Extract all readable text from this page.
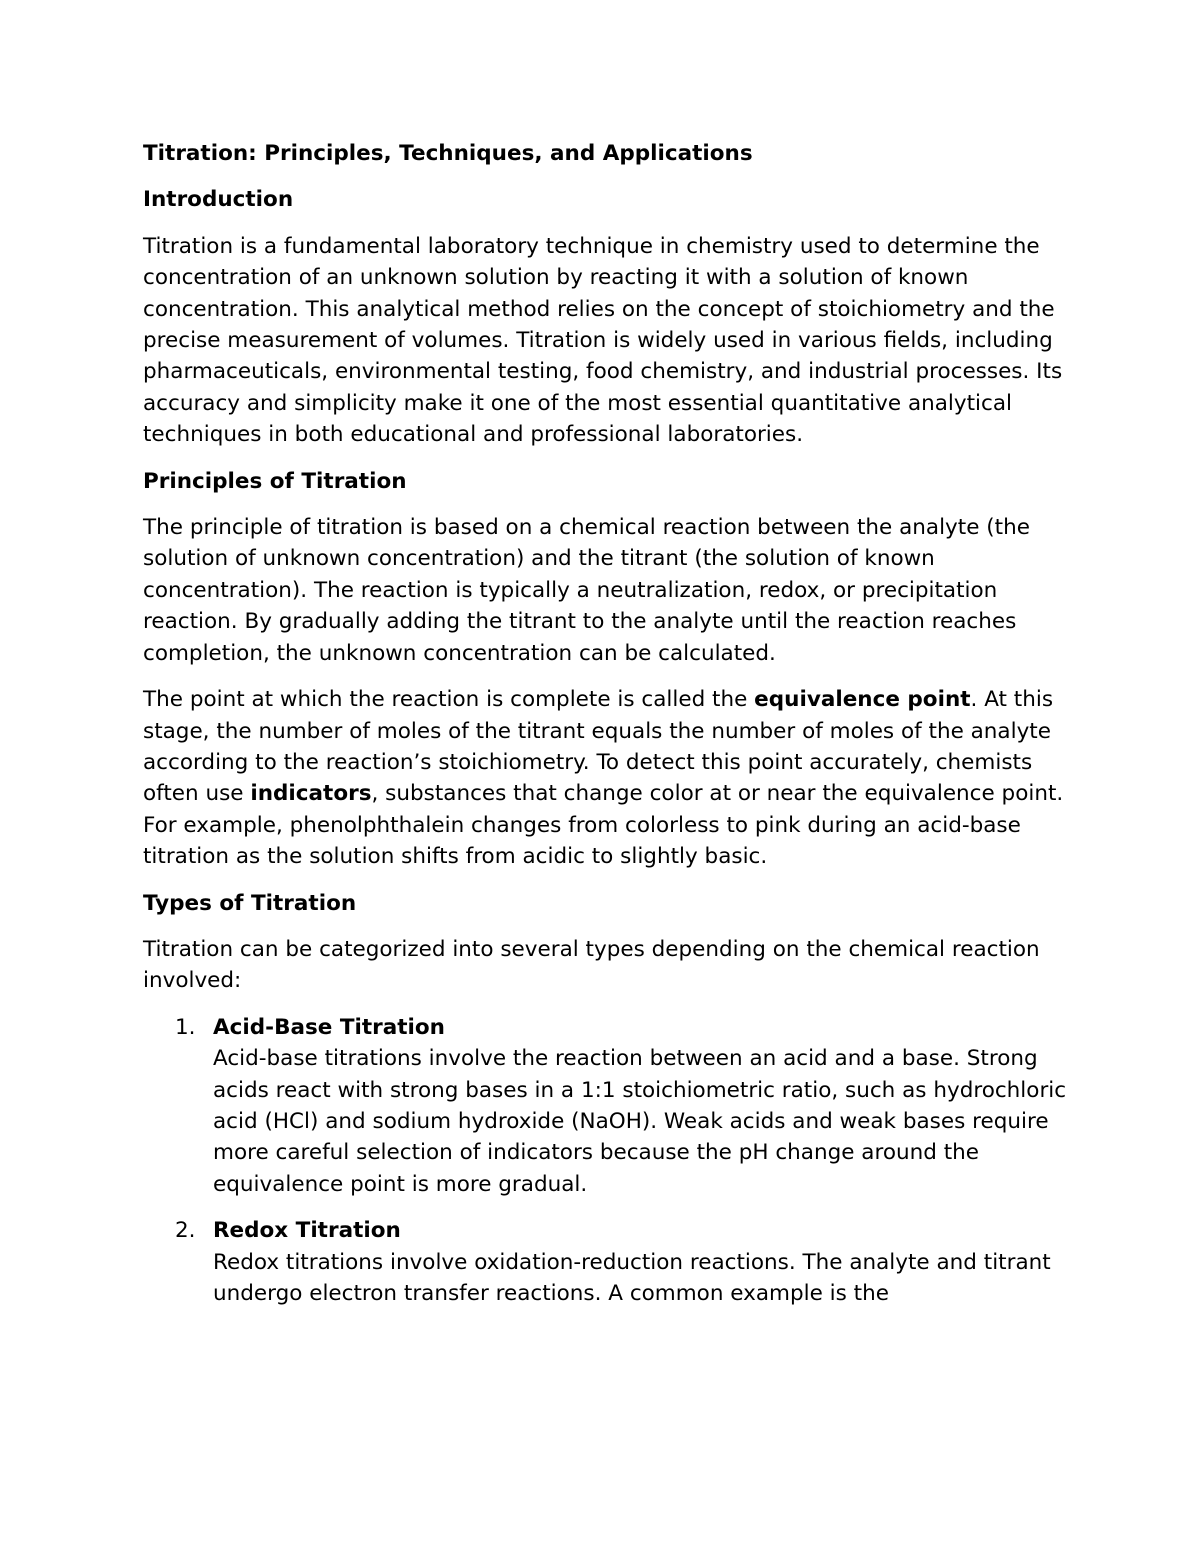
Titration: Principles, Techniques, and Applications
Introduction
Titration is a fundamental laboratory technique in chemistry used to determine the concentration of an unknown solution by reacting it with a solution of known concentration. This analytical method relies on the concept of stoichiometry and the precise measurement of volumes. Titration is widely used in various fields, including pharmaceuticals, environmental testing, food chemistry, and industrial processes. Its accuracy and simplicity make it one of the most essential quantitative analytical techniques in both educational and professional laboratories.
Principles of Titration
The principle of titration is based on a chemical reaction between the analyte (the solution of unknown concentration) and the titrant (the solution of known concentration). The reaction is typically a neutralization, redox, or precipitation reaction. By gradually adding the titrant to the analyte until the reaction reaches completion, the unknown concentration can be calculated.
The point at which the reaction is complete is called the equivalence point. At this stage, the number of moles of the titrant equals the number of moles of the analyte according to the reaction’s stoichiometry. To detect this point accurately, chemists often use indicators, substances that change color at or near the equivalence point. For example, phenolphthalein changes from colorless to pink during an acid-base titration as the solution shifts from acidic to slightly basic.
Types of Titration
Titration can be categorized into several types depending on the chemical reaction involved:
1. Acid-Base Titration
Acid-base titrations involve the reaction between an acid and a base. Strong acids react with strong bases in a 1:1 stoichiometric ratio, such as hydrochloric acid (HCl) and sodium hydroxide (NaOH). Weak acids and weak bases require more careful selection of indicators because the pH change around the equivalence point is more gradual.
2. Redox Titration
Redox titrations involve oxidation-reduction reactions. The analyte and titrant undergo electron transfer reactions. A common example is the
